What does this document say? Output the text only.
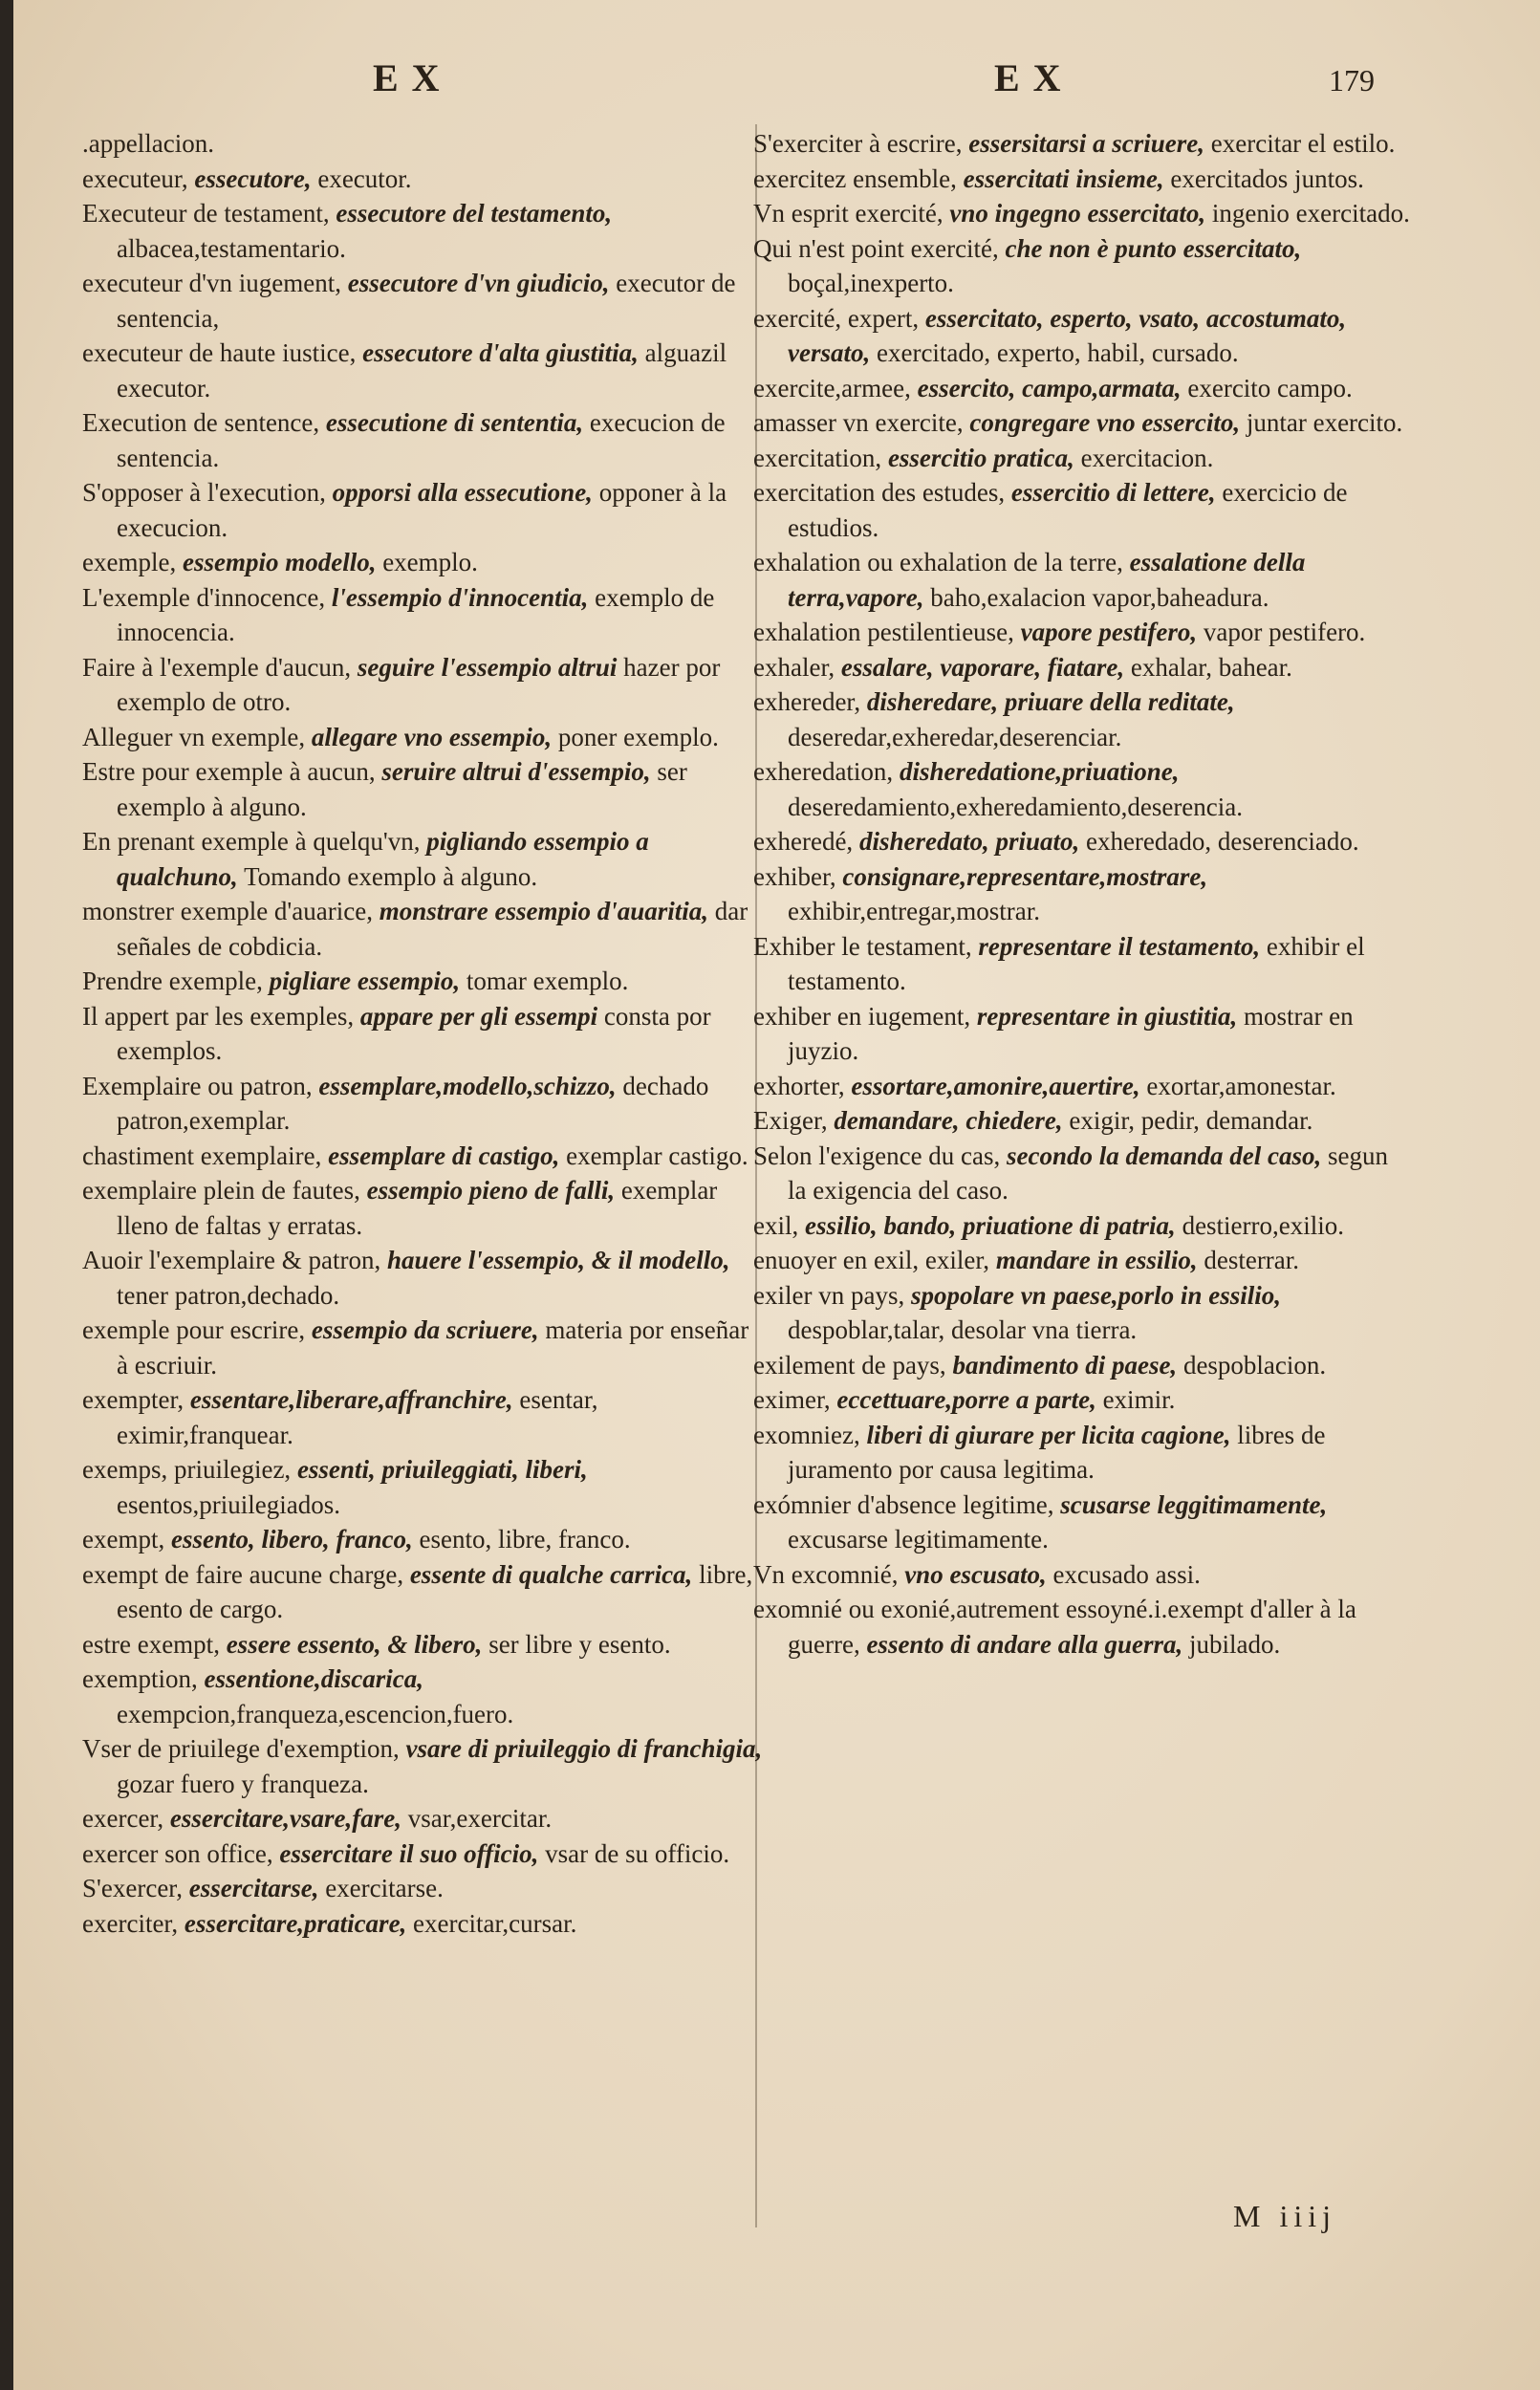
EX	EX	179

.appellacion.

executeur, essecutore, executor.

Executeur de testament, essecutore del testamento, albacea,testamentario.

executeur d'vn iugement, essecutore d'vn giudicio, executor de sentencia,

executeur de haute iustice, essecutore d'alta giustitia, alguazil executor.

Execution de sentence, essecutione di sententia, execucion de sentencia.

S'opposer à l'execution, opporsi alla essecutione, opponer à la execucion.

exemple, essempio modello, exemplo.

L'exemple d'innocence, l'essempio d'innocentia, exemplo de innocencia.

Faire à l'exemple d'aucun, seguire l'essempio altrui hazer por exemplo de otro.

Alleguer vn exemple, allegare vno essempio, poner exemplo.

Estre pour exemple à aucun, seruire altrui d'essempio, ser exemplo à alguno.

En prenant exemple à quelqu'vn, pigliando essempio a qualchuno, Tomando exemplo à alguno.

monstrer exemple d'auarice, monstrare essempio d'auaritia, dar señales de cobdicia.

Prendre exemple, pigliare essempio, tomar exemplo.

Il appert par les exemples, appare per gli essempi consta por exemplos.

Exemplaire ou patron, essemplare,modello,schizzo, dechado patron,exemplar.

chastiment exemplaire, essemplare di castigo, exemplar castigo.

exemplaire plein de fautes, essempio pieno de falli, exemplar lleno de faltas y erratas.

Auoir l'exemplaire & patron, hauere l'essempio, & il modello, tener patron,dechado.

exemple pour escrire, essempio da scriuere, materia por enseñar à escriuir.

exempter, essentare,liberare,affranchire, esentar, eximir,franquear.

exemps, priuilegiez, essenti, priuileggiati, liberi, esentos,priuilegiados.

exempt, essento, libero, franco, esento, libre, franco.

exempt de faire aucune charge, essente di qualche carrica, libre, esento de cargo.

estre exempt, essere essento, & libero, ser libre y esento.

exemption, essentione,discarica, exempcion,franqueza,escencion,fuero.

Vser de priuilege d'exemption, vsare di priuileggio di franchigia, gozar fuero y franqueza.

exercer, essercitare,vsare,fare, vsar,exercitar.

exercer son office, essercitare il suo officio, vsar de su officio.

S'exercer, essercitarse, exercitarse.

exerciter, essercitare,praticare, exercitar,cursar.

S'exerciter à escrire, essersitarsi a scriuere, exercitar el estilo.

exercitez ensemble, essercitati insieme, exercitados juntos.

Vn esprit exercité, vno ingegno essercitato, ingenio exercitado.

Qui n'est point exercité, che non è punto essercitato, boçal,inexperto.

exercité, expert, essercitato, esperto, vsato, accostumato, versato, exercitado, experto, habil, cursado.

exercite,armee, essercito, campo,armata, exercito campo.

amasser vn exercite, congregare vno essercito, juntar exercito.

exercitation, essercitio pratica, exercitacion.

exercitation des estudes, essercitio di lettere, exercicio de estudios.

exhalation ou exhalation de la terre, essalatione della terra,vapore, baho,exalacion vapor,baheadura.

exhalation pestilentieuse, vapore pestifero, vapor pestifero.

exhaler, essalare, vaporare, fiatare, exhalar, bahear.

exhereder, disheredare, priuare della reditate, deseredar,exheredar,deserenciar.

exheredation, disheredatione,priuatione, deseredamiento,exheredamiento,deserencia.

exheredé, disheredato, priuato, exheredado, deserenciado.

exhiber, consignare,representare,mostrare, exhibir,entregar,mostrar.

Exhiber le testament, representare il testamento, exhibir el testamento.

exhiber en iugement, representare in giustitia, mostrar en juyzio.

exhorter, essortare,amonire,auertire, exortar,amonestar.

Exiger, demandare, chiedere, exigir, pedir, demandar.

Selon l'exigence du cas, secondo la demanda del caso, segun la exigencia del caso.

exil, essilio, bando, priuatione di patria, destierro,exilio.

enuoyer en exil, exiler, mandare in essilio, desterrar.

exiler vn pays, spopolare vn paese,porlo in essilio, despoblar,talar, desolar vna tierra.

exilement de pays, bandimento di paese, despoblacion.

eximer, eccettuare,porre a parte, eximir.

exomniez, liberi di giurare per licita cagione, libres de juramento por causa legitima.

exómnier d'absence legitime, scusarse leggitimamente, excusarse legitimamente.

Vn excomnié, vno escusato, excusado assi.

exomnié ou exonié,autrement essoyné.i.exempt d'aller à la guerre, essento di andare alla guerra, jubilado.

M iiij
